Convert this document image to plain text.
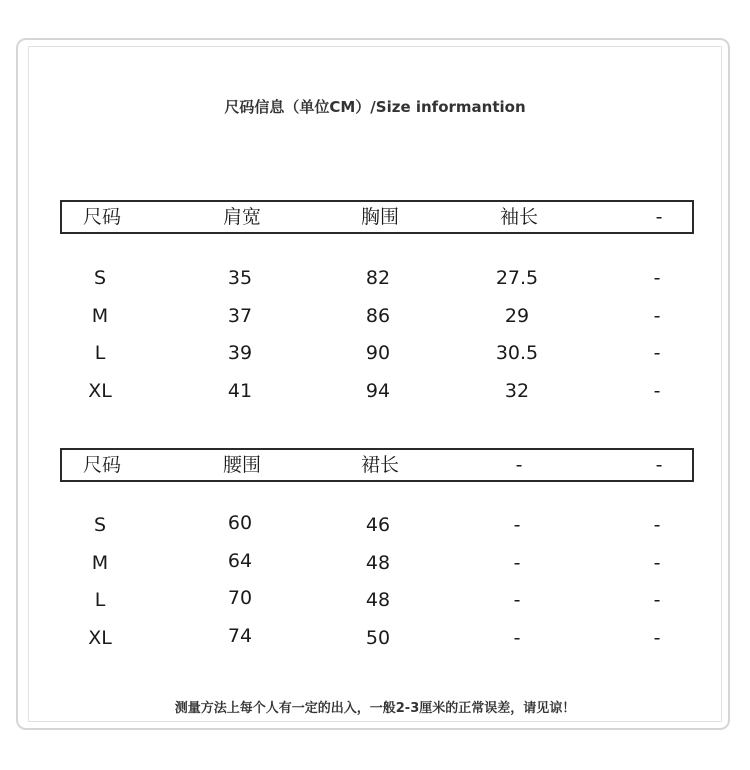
尺码信息（单位CM）/Size informantion
尺码	肩宽	胸围	袖长	-
S	35	82	27.5	-
M	37	86	29	-
L	39	90	30.5	-
XL	41	94	32	-
尺码	腰围	裙长	-	-
S	60	46	-	-
M	64	48	-	-
L	70	48	-	-
XL	74	50	-	-
测量方法上每个人有一定的出入，一般2-3厘米的正常误差，请见谅！
